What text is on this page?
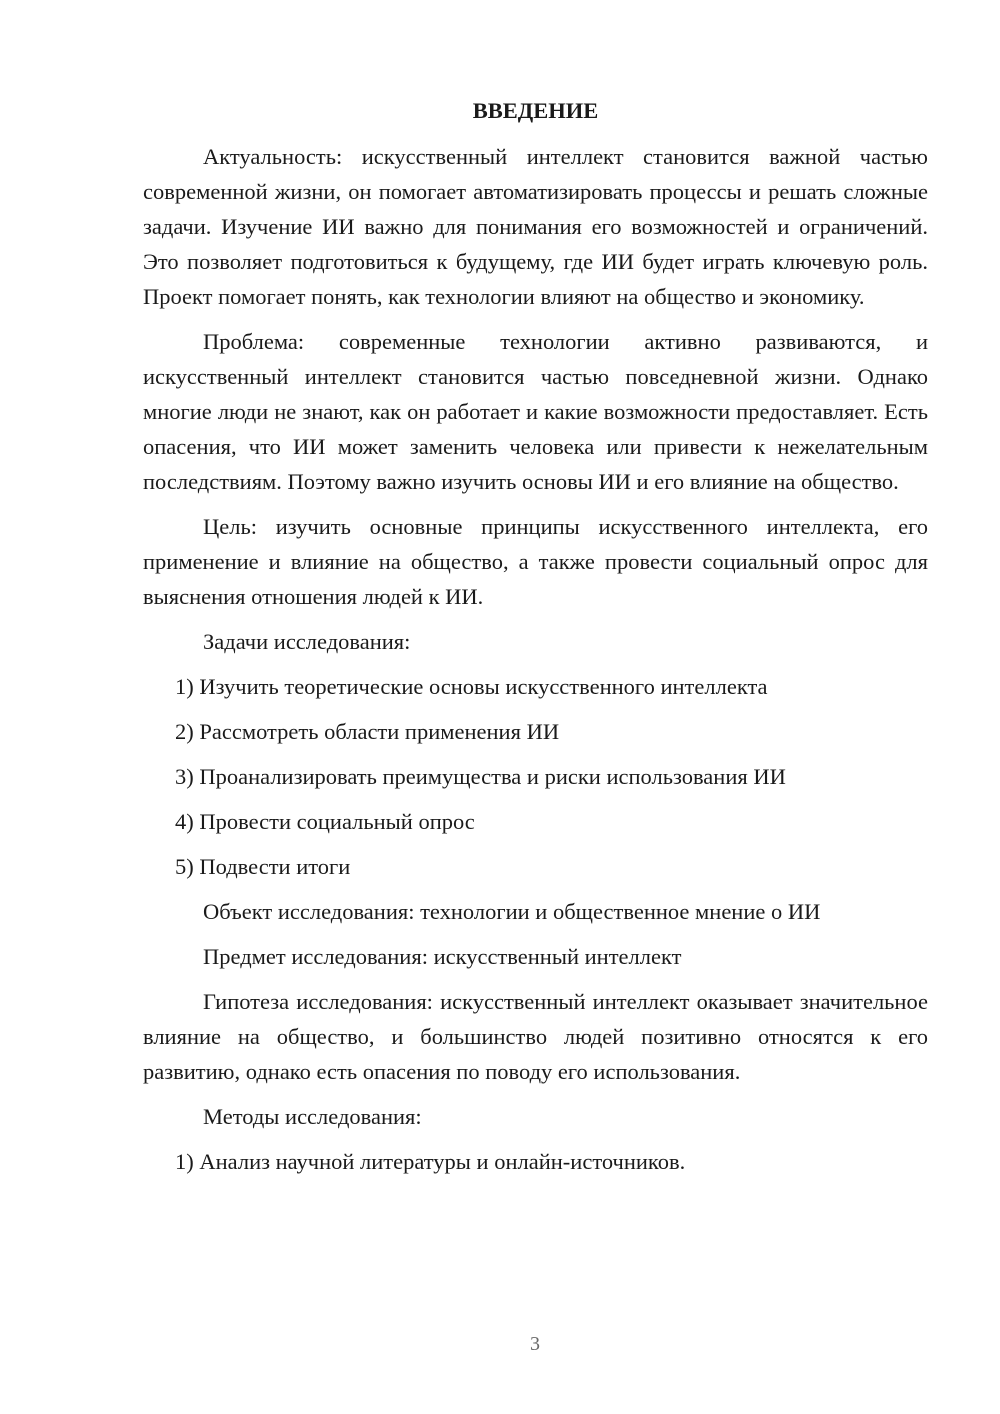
ВВЕДЕНИЕ

Актуальность: искусственный интеллект становится важной частью современной жизни, он помогает автоматизировать процессы и решать сложные задачи. Изучение ИИ важно для понимания его возможностей и ограничений. Это позволяет подготовиться к будущему, где ИИ будет играть ключевую роль. Проект помогает понять, как технологии влияют на общество и экономику.

Проблема: современные технологии активно развиваются, и искусственный интеллект становится частью повседневной жизни. Однако многие люди не знают, как он работает и какие возможности предоставляет. Есть опасения, что ИИ может заменить человека или привести к нежелательным последствиям. Поэтому важно изучить основы ИИ и его влияние на общество.

Цель: изучить основные принципы искусственного интеллекта, его применение и влияние на общество, а также провести социальный опрос для выяснения отношения людей к ИИ.

Задачи исследования:
1) Изучить теоретические основы искусственного интеллекта
2) Рассмотреть области применения ИИ
3) Проанализировать преимущества и риски использования ИИ
4) Провести социальный опрос
5) Подвести итоги
Объект исследования: технологии и общественное мнение о ИИ
Предмет исследования: искусственный интеллект

Гипотеза исследования: искусственный интеллект оказывает значительное влияние на общество, и большинство людей позитивно относятся к его развитию, однако есть опасения по поводу его использования.

Методы исследования:
1) Анализ научной литературы и онлайн-источников.
3
